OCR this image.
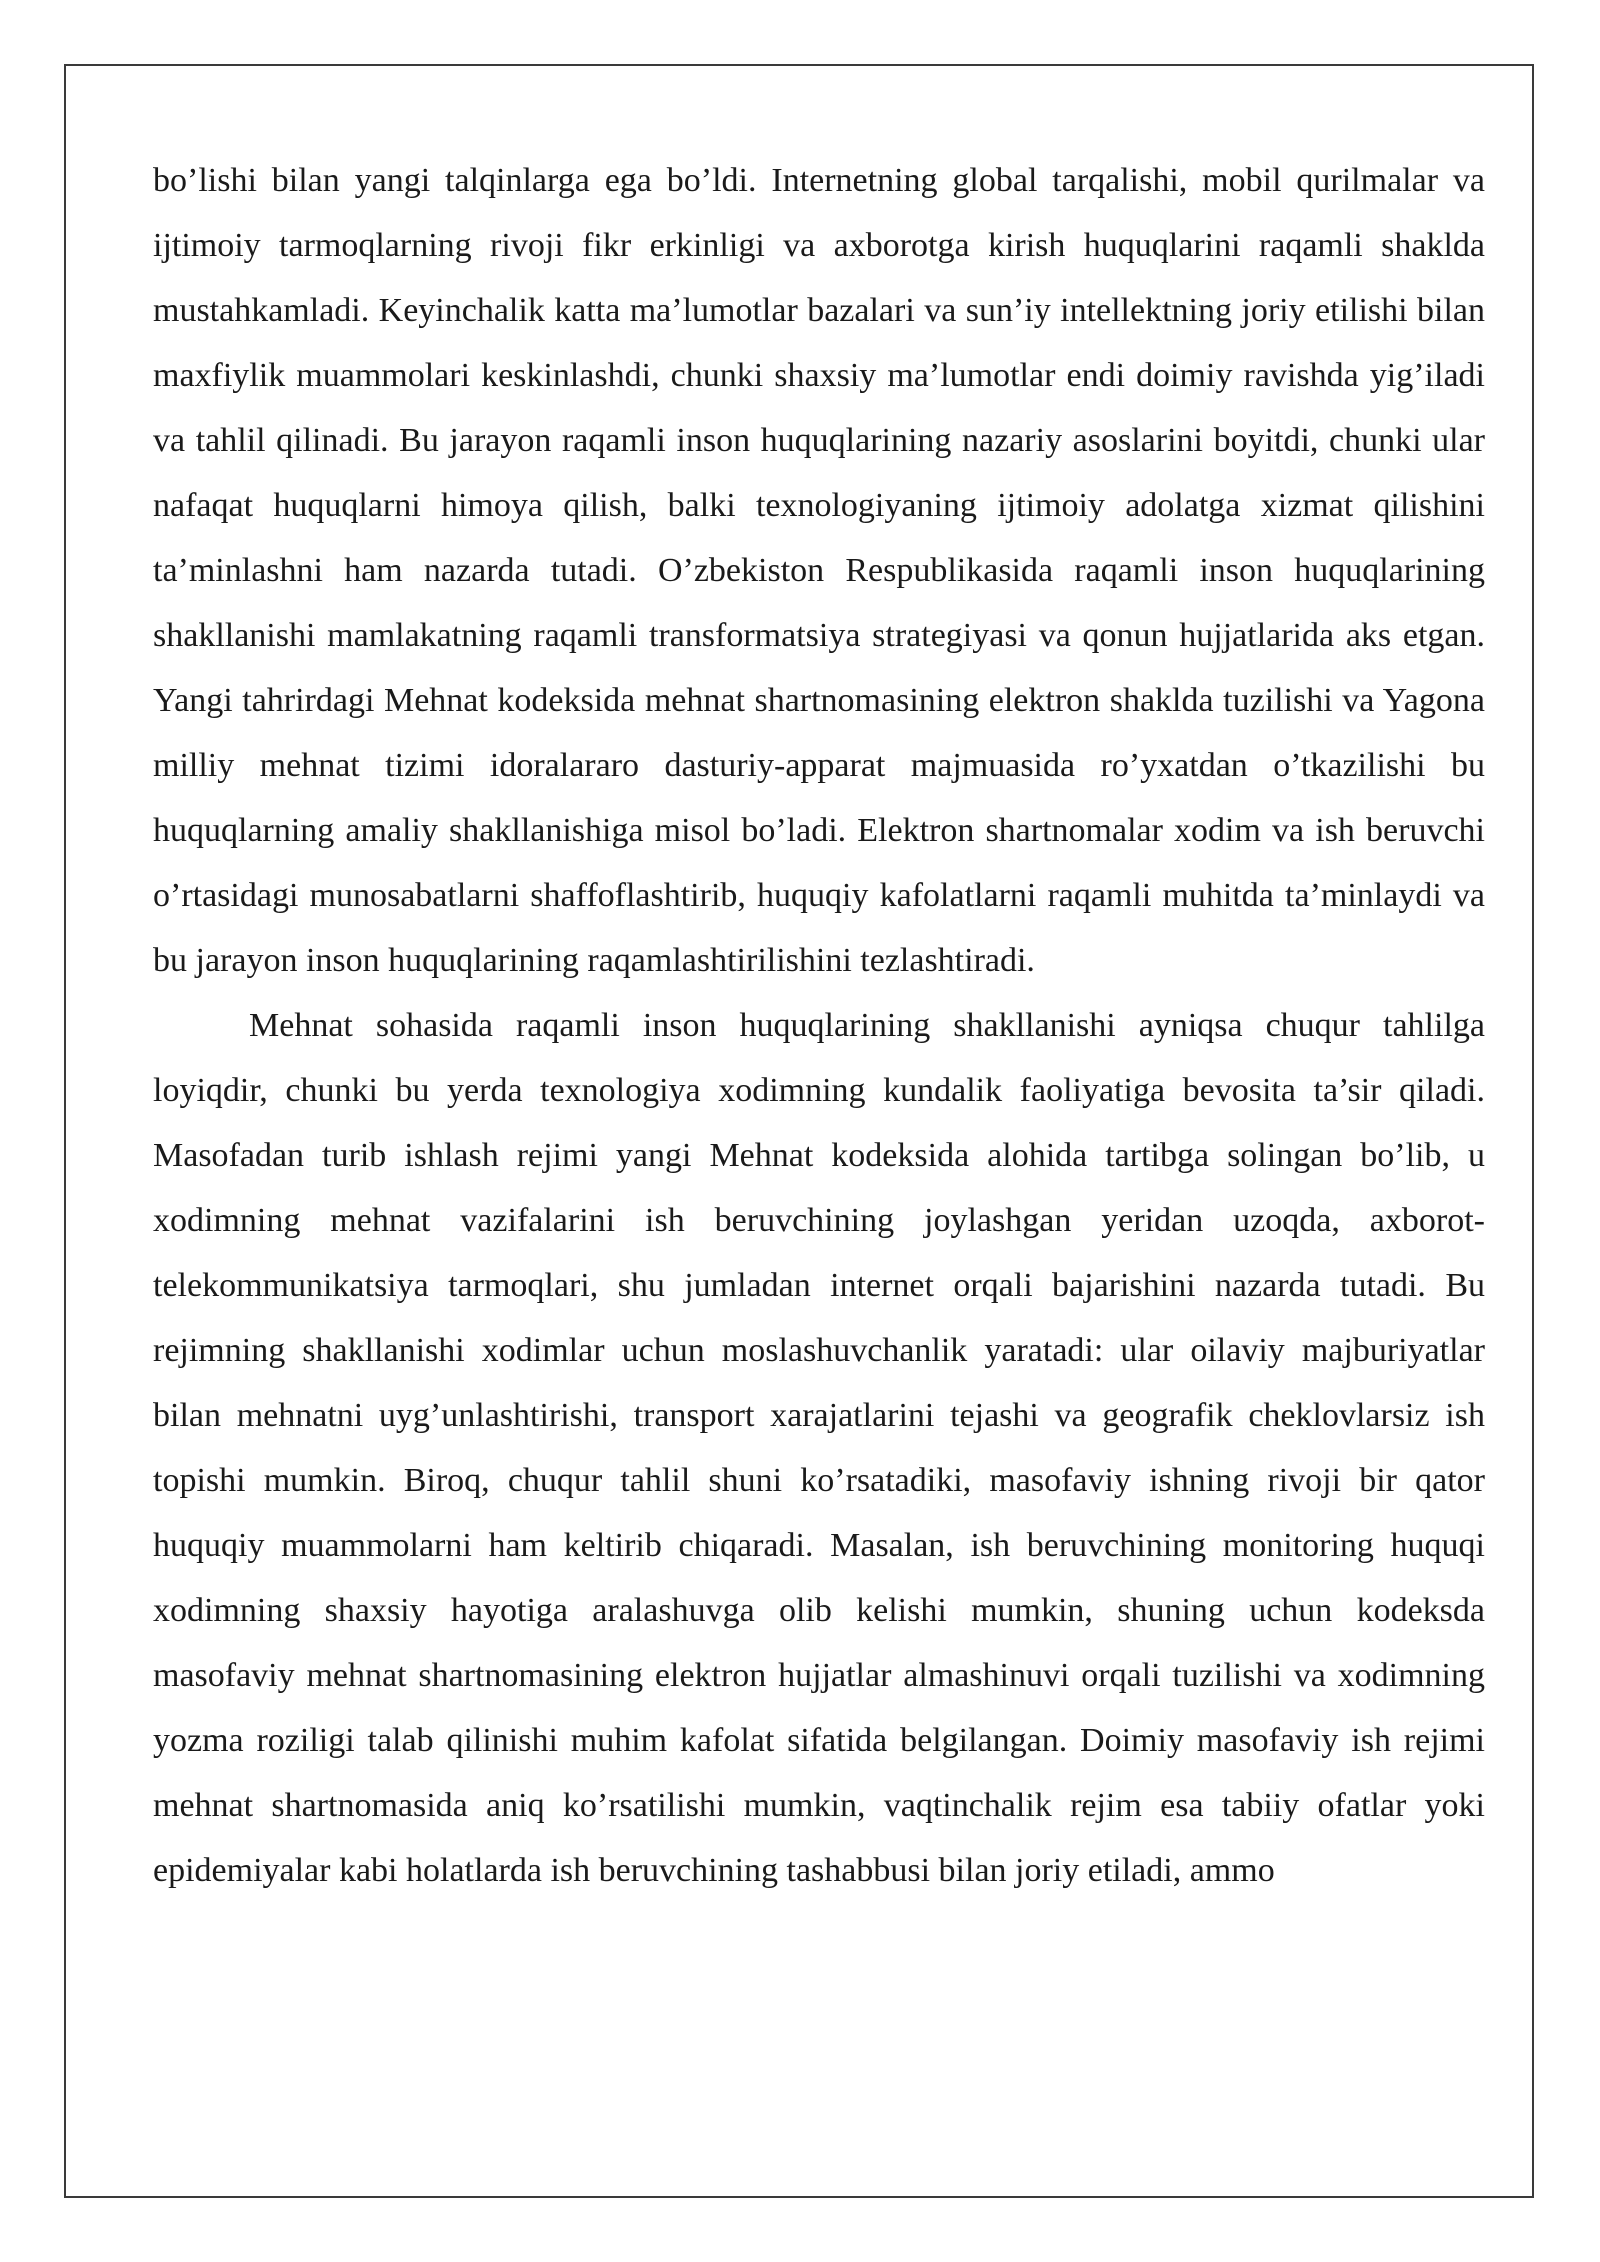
bo’lishi bilan yangi talqinlarga ega bo’ldi. Internetning global tarqalishi, mobil qurilmalar va ijtimoiy tarmoqlarning rivoji fikr erkinligi va axborotga kirish huquqlarini raqamli shaklda mustahkamladi. Keyinchalik katta ma’lumotlar bazalari va sun’iy intellektning joriy etilishi bilan maxfiylik muammolari keskinlashdi, chunki shaxsiy ma’lumotlar endi doimiy ravishda yig’iladi va tahlil qilinadi. Bu jarayon raqamli inson huquqlarining nazariy asoslarini boyitdi, chunki ular nafaqat huquqlarni himoya qilish, balki texnologiyaning ijtimoiy adolatga xizmat qilishini ta’minlashni ham nazarda tutadi. O’zbekiston Respublikasida raqamli inson huquqlarining shakllanishi mamlakatning raqamli transformatsiya strategiyasi va qonun hujjatlarida aks etgan. Yangi tahrirdagi Mehnat kodeksida mehnat shartnomasining elektron shaklda tuzilishi va Yagona milliy mehnat tizimi idoralararo dasturiy-apparat majmuasida ro’yxatdan o’tkazilishi bu huquqlarning amaliy shakllanishiga misol bo’ladi. Elektron shartnomalar xodim va ish beruvchi o’rtasidagi munosabatlarni shaffoflashtirib, huquqiy kafolatlarni raqamli muhitda ta’minlaydi va bu jarayon inson huquqlarining raqamlashtirilishini tezlashtiradi.

Mehnat sohasida raqamli inson huquqlarining shakllanishi ayniqsa chuqur tahlilga loyiqdir, chunki bu yerda texnologiya xodimning kundalik faoliyatiga bevosita ta’sir qiladi. Masofadan turib ishlash rejimi yangi Mehnat kodeksida alohida tartibga solingan bo’lib, u xodimning mehnat vazifalarini ish beruvchining joylashgan yeridan uzoqda, axborot-telekommunikatsiya tarmoqlari, shu jumladan internet orqali bajarishini nazarda tutadi. Bu rejimning shakllanishi xodimlar uchun moslashuvchanlik yaratadi: ular oilaviy majburiyatlar bilan mehnatni uyg’unlashtirishi, transport xarajatlarini tejashi va geografik cheklovlarsiz ish topishi mumkin. Biroq, chuqur tahlil shuni ko’rsatadiki, masofaviy ishning rivoji bir qator huquqiy muammolarni ham keltirib chiqaradi. Masalan, ish beruvchining monitoring huquqi xodimning shaxsiy hayotiga aralashuvga olib kelishi mumkin, shuning uchun kodeksda masofaviy mehnat shartnomasining elektron hujjatlar almashinuvi orqali tuzilishi va xodimning yozma roziligi talab qilinishi muhim kafolat sifatida belgilangan. Doimiy masofaviy ish rejimi mehnat shartnomasida aniq ko’rsatilishi mumkin, vaqtinchalik rejim esa tabiiy ofatlar yoki epidemiyalar kabi holatlarda ish beruvchining tashabbusi bilan joriy etiladi, ammo
